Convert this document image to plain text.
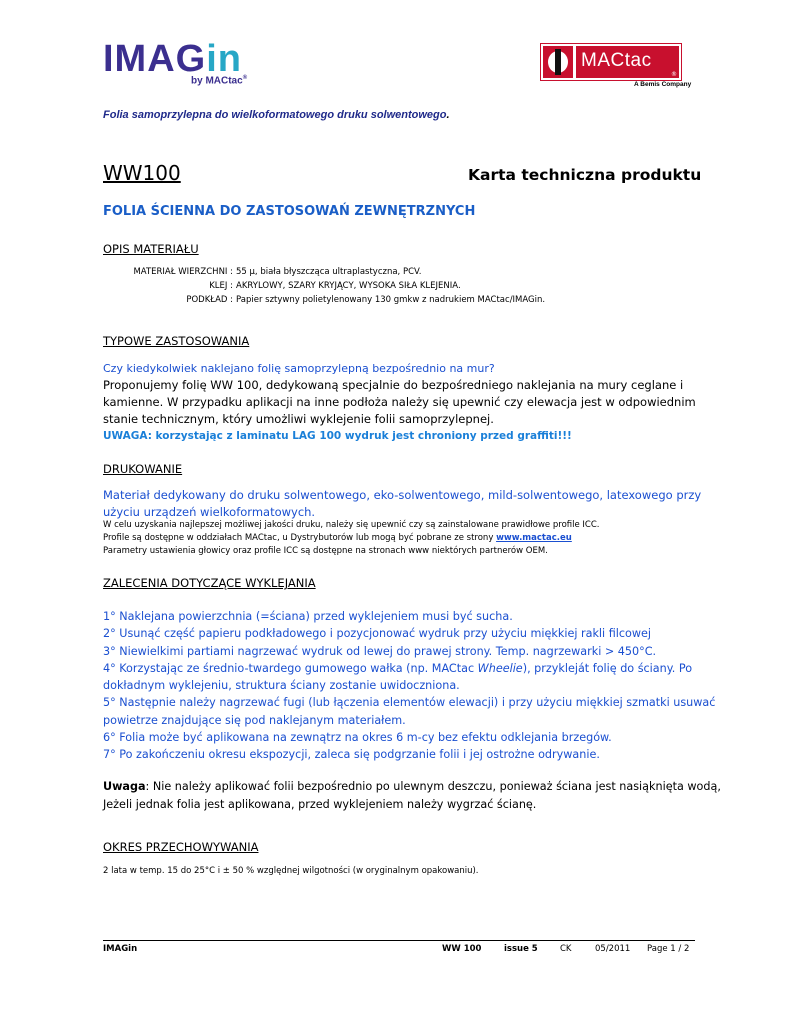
IMAGin
by MACtac®
MACtac
®
A Bemis Company
Folia samoprzylepna do wielkoformatowego druku solwentowego.
WW100	Karta techniczna produktu
FOLIA ŚCIENNA DO ZASTOSOWAŃ ZEWNĘTRZNYCH
OPIS MATERIAŁU
MATERIAŁ WIERZCHNI : 55 µ, biała błyszcząca ultraplastyczna, PCV.
KLEJ : AKRYLOWY, SZARY KRYJĄCY, WYSOKA SIŁA KLEJENIA.
PODKŁAD : Papier sztywny polietylenowany 130 gmkw z nadrukiem MACtac/IMAGin.
TYPOWE ZASTOSOWANIA
Czy kiedykolwiek naklejano folię samoprzylepną bezpośrednio na mur?
Proponujemy folię WW 100, dedykowaną specjalnie do bezpośredniego naklejania na mury ceglane i
kamienne. W przypadku aplikacji na inne podłoża należy się upewnić czy elewacja jest w odpowiednim
stanie technicznym, który umożliwi wyklejenie folii samoprzylepnej.
UWAGA: korzystając z laminatu LAG 100 wydruk jest chroniony przed graffiti!!!
DRUKOWANIE
Materiał dedykowany do druku solwentowego, eko-solwentowego, mild-solwentowego, latexowego przy
użyciu urządzeń wielkoformatowych.
W celu uzyskania najlepszej możliwej jakości druku, należy się upewnić czy są zainstalowane prawidłowe profile ICC.
Profile są dostępne w oddziałach MACtac, u Dystrybutorów lub mogą być pobrane ze strony www.mactac.eu
Parametry ustawienia głowicy oraz profile ICC są dostępne na stronach www niektórych partnerów OEM.
ZALECENIA DOTYCZĄCE WYKLEJANIA
1° Naklejana powierzchnia (=ściana) przed wyklejeniem musi być sucha.
2° Usunąć część papieru podkładowego i pozycjonować wydruk przy użyciu miękkiej rakli filcowej
3° Niewielkimi partiami nagrzewać wydruk od lewej do prawej strony. Temp. nagrzewarki > 450°C.
4° Korzystając ze średnio-twardego gumowego wałka (np. MACtac Wheelie), przykleját folię do ściany. Po
dokładnym wyklejeniu, struktura ściany zostanie uwidoczniona.
5° Następnie należy nagrzewać fugi (lub łączenia elementów elewacji) i przy użyciu miękkiej szmatki usuwać
powietrze znajdujące się pod naklejanym materiałem.
6° Folia może być aplikowana na zewnątrz na okres 6 m-cy bez efektu odklejania brzegów.
7° Po zakończeniu okresu ekspozycji, zaleca się podgrzanie folii i jej ostrożne odrywanie.
Uwaga: Nie należy aplikować folii bezpośrednio po ulewnym deszczu, ponieważ ściana jest nasiąknięta wodą,
Jeżeli jednak folia jest aplikowana, przed wyklejeniem należy wygrzać ścianę.
OKRES PRZECHOWYWANIA
2 lata w temp. 15 do 25°C i ± 50 % względnej wilgotności (w oryginalnym opakowaniu).
IMAGin	WW 100	issue 5	CK	05/2011 Page 1 / 2
